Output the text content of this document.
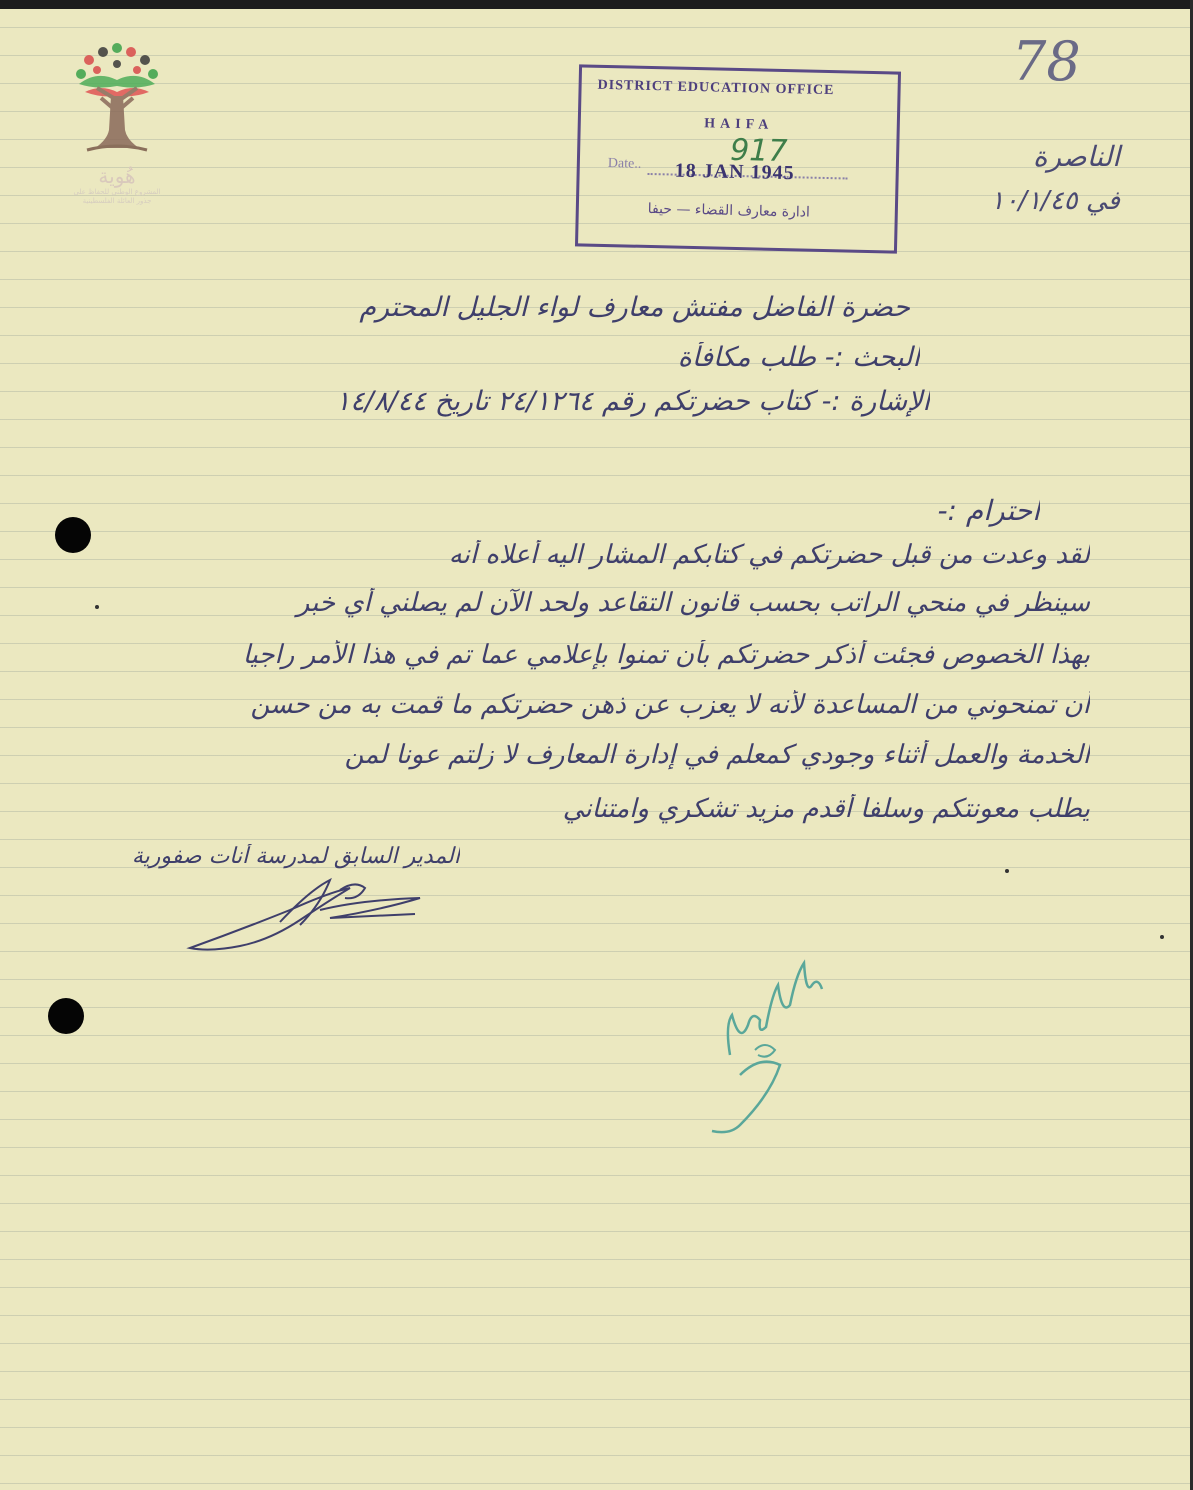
هُوية
المشروع الوطني للحفاظ على
جذور العائلة الفلسطينية
DISTRICT EDUCATION OFFICE
HAIFA
Date..	917
18 JAN 1945
ادارة معارف القضاء — حيفا
78
الناصرة
في ١٠/١/٤٥
حضرة الفاضل مفتش معارف لواء الجليل المحترم
البحث :- طلب مكافأة
الإشارة :- كتاب حضرتكم رقم ٢٤/١٢٦٤ تاريخ ١٤/٨/٤٤
احترام :-
لقد وعدت من قبل حضرتكم في كتابكم المشار اليه أعلاه أنه
سينظر في منحي الراتب بحسب قانون التقاعد ولحد الآن لم يصلني أي خبر
بهذا الخصوص فجئت أذكر حضرتكم بأن تمنوا بإعلامي عما تم في هذا الأمر راجيا
أن تمنحوني من المساعدة لأنه لا يعزب عن ذهن حضرتكم ما قمت به من حسن
الخدمة والعمل أثناء وجودي كمعلم في إدارة المعارف لا زلتم عونا لمن
يطلب معونتكم وسلفا أقدم مزيد تشكري وامتناني
المدير السابق لمدرسة أنات صفورية
